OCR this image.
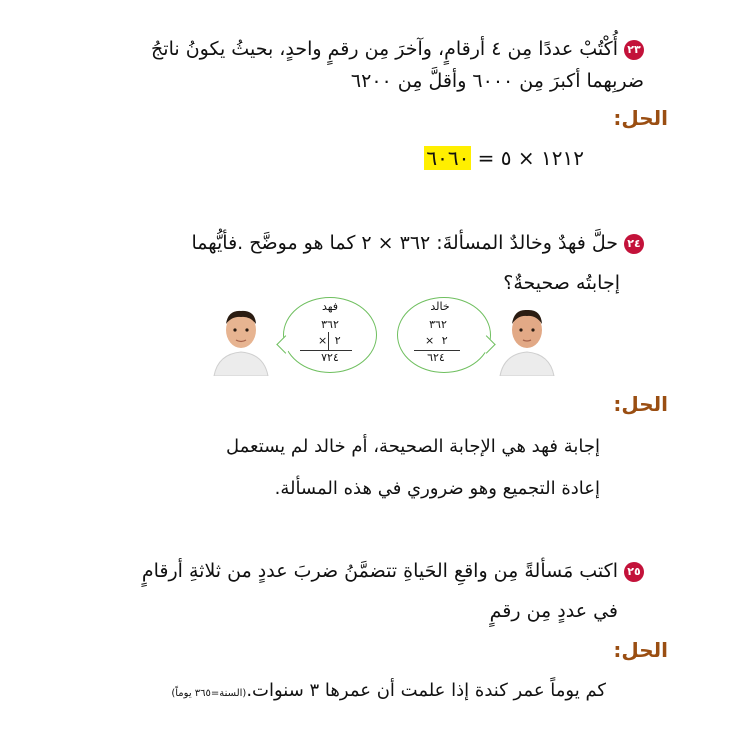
٢٣أُكْتُبْ عددًا مِن ٤ أرقامٍ، وآخرَ مِن رقمٍ واحدٍ، بحيثُ يكونُ ناتجُ
ضربِهما أكبرَ مِن ٦٠٠٠ وأقلَّ مِن ٦٢٠٠
الحل:
١٢١٢ × ٥ = ٦٠٦٠
٢٤حلَّ فهدٌ وخالدٌ المسألةَ: ٣٦٢ × ٢ كما هو موضَّح .فأيُّهما
إجابتُه صحيحةٌ؟
فهد
٣٦٢
× ٢
٧٢٤
خالد
٣٦٢
× ٢
٦٢٤
الحل:
إجابة فهد هي الإجابة الصحيحة، أم خالد لم يستعمل
إعادة التجميع وهو ضروري في هذه المسألة.
٢٥اكتب مَسألةً مِن واقعِ الحَياةِ تتضمَّنُ ضربَ عددٍ من ثلاثةِ أرقامٍ
في عددٍ مِن رقمٍ
الحل:
كم يوماً عمر كندة إذا علمت أن عمرها ٣ سنوات.(السنة=٣٦٥ يوماً)
